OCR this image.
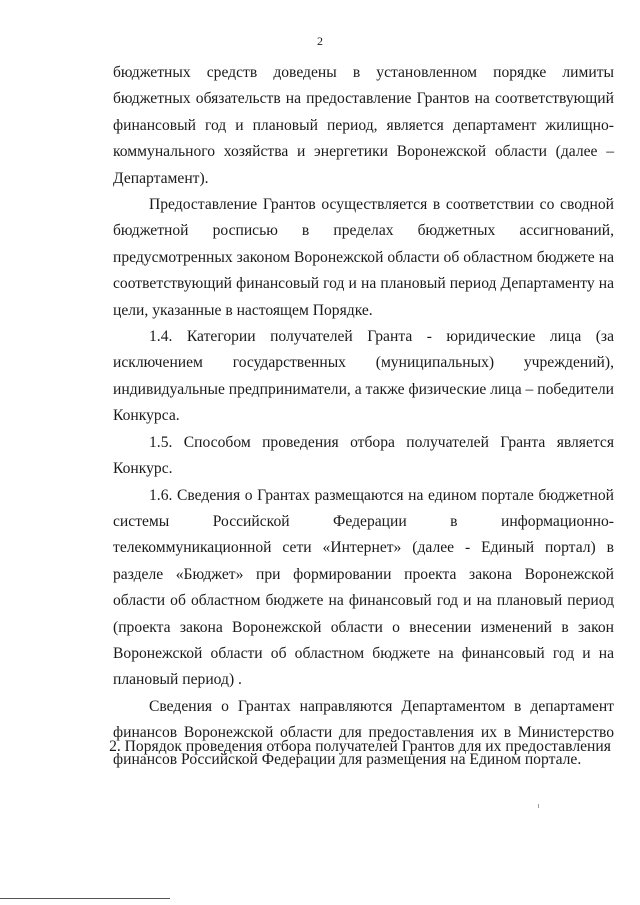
2

бюджетных средств доведены в установленном порядке лимиты бюджетных обязательств на предоставление Грантов на соответствующий финансовый год и плановый период, является департамент жилищно-коммунального хозяйства и энергетики Воронежской области (далее – Департамент).

Предоставление Грантов осуществляется в соответствии со сводной бюджетной росписью в пределах бюджетных ассигнований, предусмотренных законом Воронежской области об областном бюджете на соответствующий финансовый год и на плановый период Департаменту на цели, указанные в настоящем Порядке.

1.4. Категории получателей Гранта - юридические лица (за исключением государственных (муниципальных) учреждений), индивидуальные предприниматели, а также физические лица – победители Конкурса.

1.5. Способом проведения отбора получателей Гранта является Конкурс.

1.6. Сведения о Грантах размещаются на едином портале бюджетной системы Российской Федерации в информационно-телекоммуникационной сети «Интернет» (далее - Единый портал) в разделе «Бюджет» при формировании проекта закона Воронежской области об областном бюджете на финансовый год и на плановый период (проекта закона Воронежской области о внесении изменений в закон Воронежской области об областном бюджете на финансовый год и на плановый период) .

Сведения о Грантах направляются Департаментом в департамент финансов Воронежской области для предоставления их в Министерство финансов Российской Федерации для размещения на Едином портале.

2. Порядок проведения отбора получателей Грантов для их предоставления
